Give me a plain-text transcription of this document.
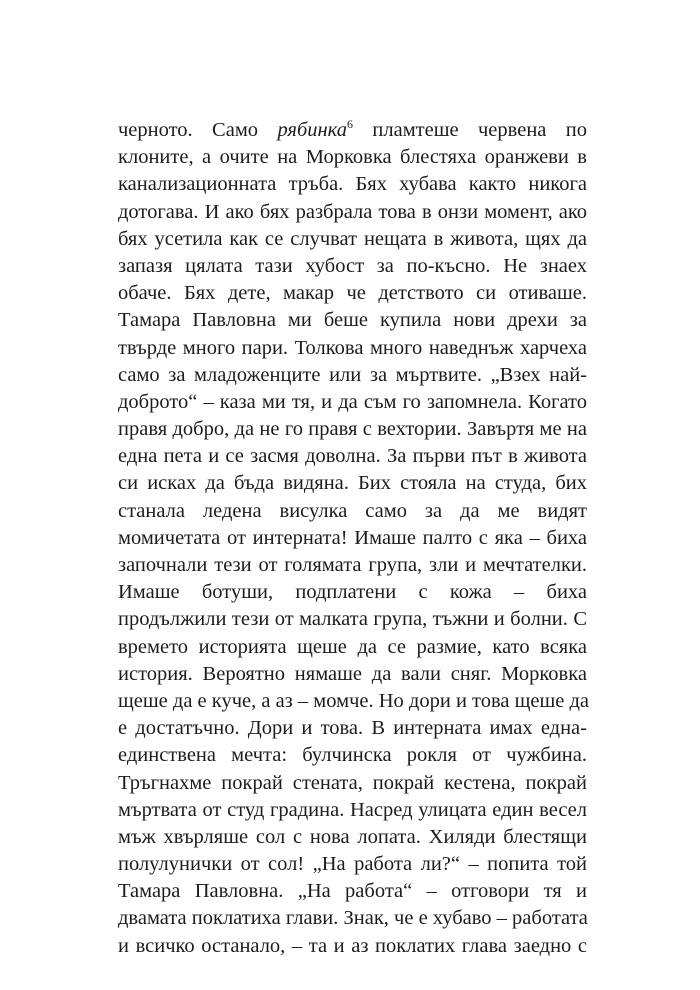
черното. Само рябинка$^6$ пламтеше червена по
клоните, а очите на Морковка блестяха оранжеви в
канализационната тръба. Бях хубава както никога
дотогава. И ако бях разбрала това в онзи момент, ако
бях усетила как се случват нещата в живота, щях да
запазя цялата тази хубост за по-късно. Не знаех
обаче. Бях дете, макар че детството си отиваше.
Тамара Павловна ми беше купила нови дрехи за
твърде много пари. Толкова много наведнъж харчеха
само за младоженците или за мъртвите. „Взех най-
доброто“ – каза ми тя, и да съм го запомнела. Когато
правя добро, да не го правя с вехтории. Завъртя ме на
една пета и се засмя доволна. За първи път в живота
си исках да бъда видяна. Бих стояла на студа, бих
станала ледена висулка само за да ме видят
момичетата от интерната! Имаше палто с яка – биха
започнали тези от голямата група, зли и мечтателки.
Имаше ботуши, подплатени с кожа – биха
продължили тези от малката група, тъжни и болни. С
времето историята щеше да се размие, като всяка
история. Вероятно нямаше да вали сняг. Морковка
щеше да е куче, а аз – момче. Но дори и това щеше да
е достатъчно. Дори и това. В интерната имах една-
единствена мечта: булчинска рокля от чужбина.
Тръгнахме покрай стената, покрай кестена, покрай
мъртвата от студ градина. Насред улицата един весел
мъж хвърляше сол с нова лопата. Хиляди блестящи
полулунички от сол! „На работа ли?“ – попита той
Тамара Павловна. „На работа“ – отговори тя и
двамата поклатиха глави. Знак, че е хубаво – работата
и всичко останало, – та и аз поклатих глава заедно с
